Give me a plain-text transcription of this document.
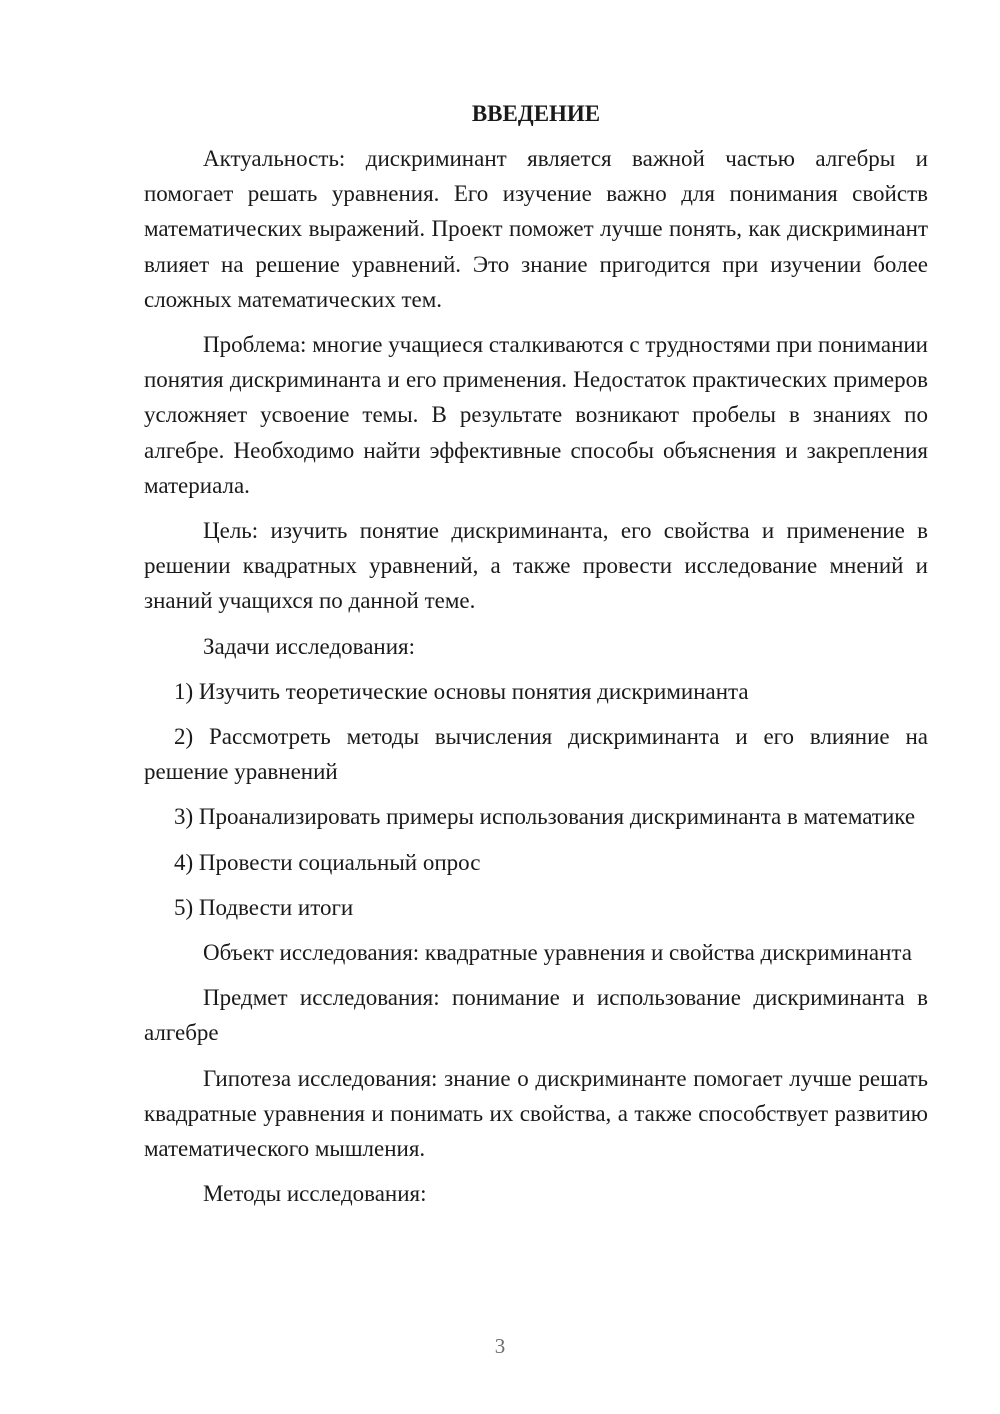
ВВЕДЕНИЕ

Актуальность: дискриминант является важной частью алгебры и помогает решать уравнения. Его изучение важно для понимания свойств математических выражений. Проект поможет лучше понять, как дискриминант влияет на решение уравнений. Это знание пригодится при изучении более сложных математических тем.

Проблема: многие учащиеся сталкиваются с трудностями при понимании понятия дискриминанта и его применения. Недостаток практических примеров усложняет усвоение темы. В результате возникают пробелы в знаниях по алгебре. Необходимо найти эффективные способы объяснения и закрепления материала.

Цель: изучить понятие дискриминанта, его свойства и применение в решении квадратных уравнений, а также провести исследование мнений и знаний учащихся по данной теме.

Задачи исследования:

1) Изучить теоретические основы понятия дискриминанта

2) Рассмотреть методы вычисления дискриминанта и его влияние на решение уравнений

3) Проанализировать примеры использования дискриминанта в математике

4) Провести социальный опрос

5) Подвести итоги

Объект исследования: квадратные уравнения и свойства дискриминанта

Предмет исследования: понимание и использование дискриминанта в алгебре

Гипотеза исследования: знание о дискриминанте помогает лучше решать квадратные уравнения и понимать их свойства, а также способствует развитию математического мышления.

Методы исследования:

3
